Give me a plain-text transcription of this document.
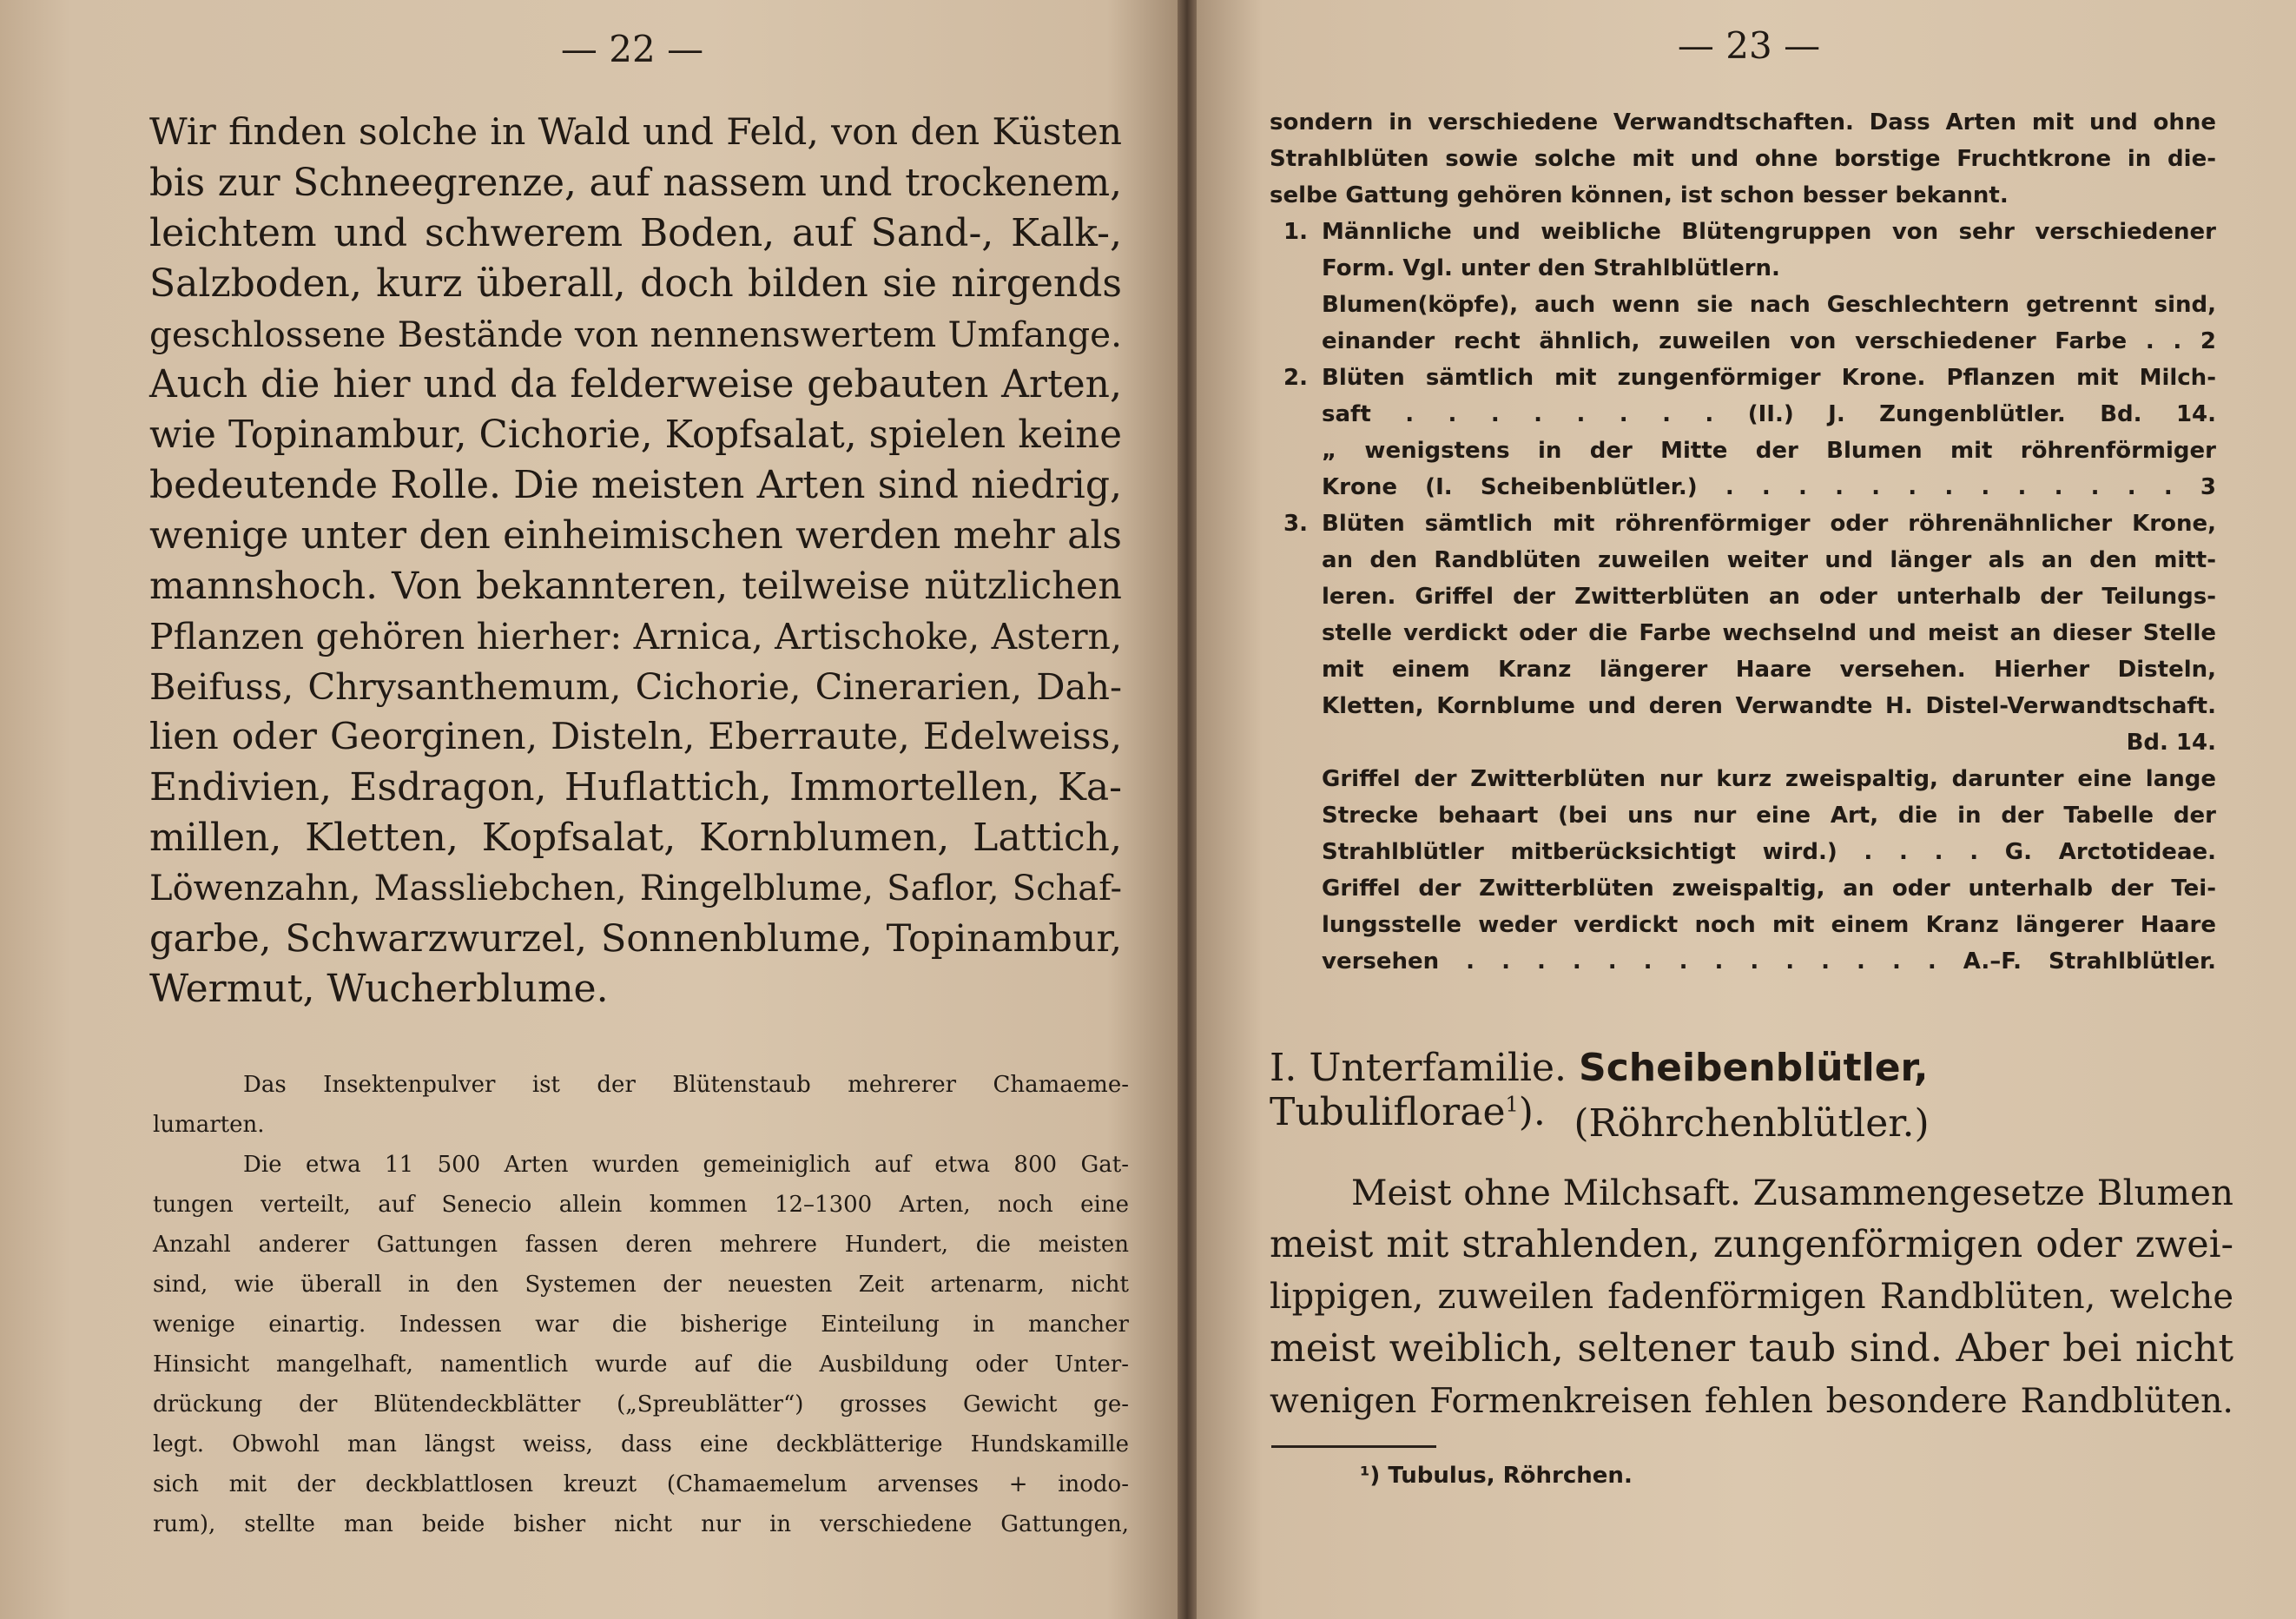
— 22 —
Wir finden solche in Wald und Feld, von den Küsten
bis zur Schneegrenze, auf nassem und trockenem,
leichtem und schwerem Boden, auf Sand-, Kalk-,
Salzboden, kurz überall, doch bilden sie nirgends
geschlossene Bestände von nennenswertem Umfange.
Auch die hier und da felderweise gebauten Arten,
wie Topinambur, Cichorie, Kopfsalat, spielen keine
bedeutende Rolle. Die meisten Arten sind niedrig,
wenige unter den einheimischen werden mehr als
mannshoch. Von bekannteren, teilweise nützlichen
Pflanzen gehören hierher: Arnica, Artischoke, Astern,
Beifuss, Chrysanthemum, Cichorie, Cinerarien, Dah-
lien oder Georginen, Disteln, Eberraute, Edelweiss,
Endivien, Esdragon, Huflattich, Immortellen, Ka-
millen, Kletten, Kopfsalat, Kornblumen, Lattich,
Löwenzahn, Massliebchen, Ringelblume, Saflor, Schaf-
garbe, Schwarzwurzel, Sonnenblume, Topinambur,
Wermut, Wucherblume.
Das Insektenpulver ist der Blütenstaub mehrerer Chamaeme-
lumarten.
Die etwa 11 500 Arten wurden gemeiniglich auf etwa 800 Gat-
tungen verteilt, auf Senecio allein kommen 12–1300 Arten, noch eine
Anzahl anderer Gattungen fassen deren mehrere Hundert, die meisten
sind, wie überall in den Systemen der neuesten Zeit artenarm, nicht
wenige einartig. Indessen war die bisherige Einteilung in mancher
Hinsicht mangelhaft, namentlich wurde auf die Ausbildung oder Unter-
drückung der Blütendeckblätter („Spreublätter“) grosses Gewicht ge-
legt. Obwohl man längst weiss, dass eine deckblätterige Hundskamille
sich mit der deckblattlosen kreuzt (Chamaemelum arvenses + inodo-
rum), stellte man beide bisher nicht nur in verschiedene Gattungen,
— 23 —
sondern in verschiedene Verwandtschaften. Dass Arten mit und ohne
Strahlblüten sowie solche mit und ohne borstige Fruchtkrone in die-
selbe Gattung gehören können, ist schon besser bekannt.
1. Männliche und weibliche Blütengruppen von sehr verschiedener
Form. Vgl. unter den Strahlblütlern.
Blumen(köpfe), auch wenn sie nach Geschlechtern getrennt sind,
einander recht ähnlich, zuweilen von verschiedener Farbe . . 2
2. Blüten sämtlich mit zungenförmiger Krone. Pflanzen mit Milch-
saft . . . . . . . . (II.) J. Zungenblütler. Bd. 14.
„ wenigstens in der Mitte der Blumen mit röhrenförmiger
Krone (I. Scheibenblütler.) . . . . . . . . . . . . . 3
3. Blüten sämtlich mit röhrenförmiger oder röhrenähnlicher Krone,
an den Randblüten zuweilen weiter und länger als an den mitt-
leren. Griffel der Zwitterblüten an oder unterhalb der Teilungs-
stelle verdickt oder die Farbe wechselnd und meist an dieser Stelle
mit einem Kranz längerer Haare versehen. Hierher Disteln,
Kletten, Kornblume und deren Verwandte H. Distel-Verwandtschaft.
Bd. 14.
Griffel der Zwitterblüten nur kurz zweispaltig, darunter eine lange
Strecke behaart (bei uns nur eine Art, die in der Tabelle der
Strahlblütler mitberücksichtigt wird.) . . . . G. Arctotideae.
Griffel der Zwitterblüten zweispaltig, an oder unterhalb der Tei-
lungsstelle weder verdickt noch mit einem Kranz längerer Haare
versehen . . . . . . . . . . . . . . A.–F. Strahlblütler.
I. Unterfamilie. Scheibenblütler, Tubuliflorae$^1$). (Röhrchenblütler.)
Meist ohne Milchsaft. Zusammengesetze Blumen
meist mit strahlenden, zungenförmigen oder zwei-
lippigen, zuweilen fadenförmigen Randblüten, welche
meist weiblich, seltener taub sind. Aber bei nicht
wenigen Formenkreisen fehlen besondere Randblüten.
¹) Tubulus, Röhrchen.
